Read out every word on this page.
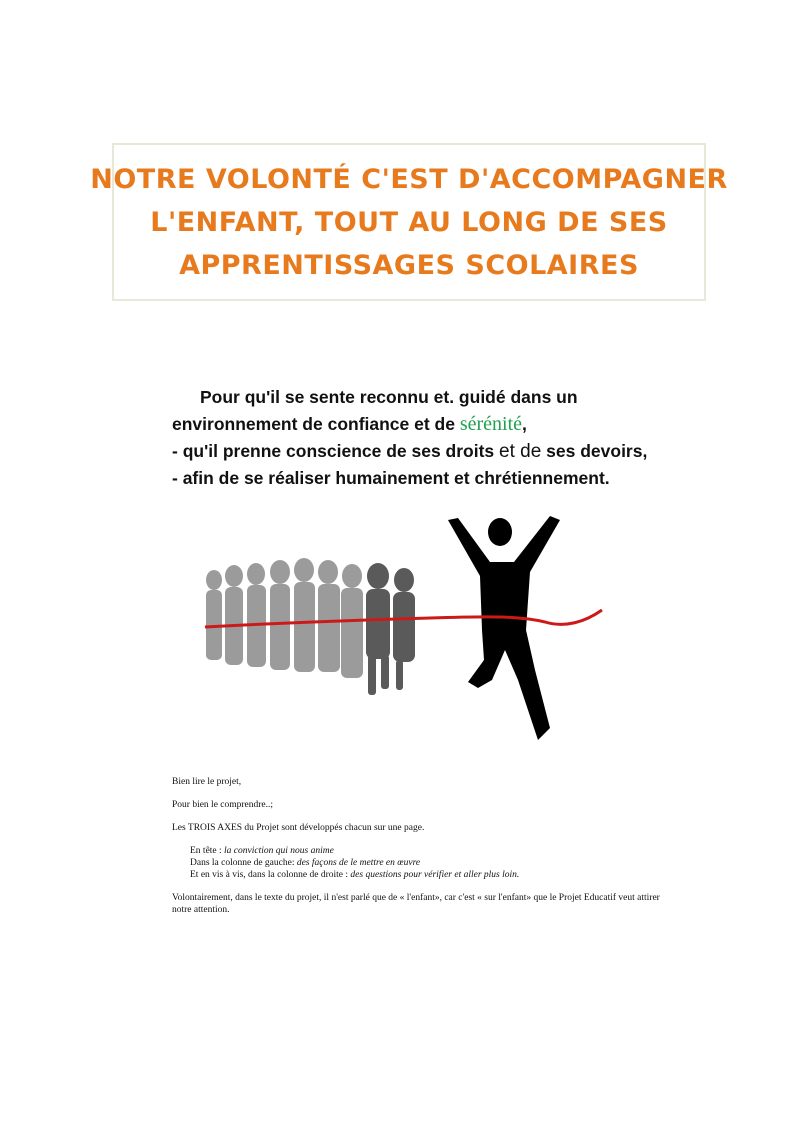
NOTRE VOLONTÉ C'EST D'ACCOMPAGNER
L'ENFANT, TOUT AU LONG DE SES
APPRENTISSAGES SCOLAIRES
Pour qu'il se sente reconnu et. guidé dans un
environnement de confiance et de sérénité,
- qu'il prenne conscience de ses droits et de ses devoirs,
- afin de se réaliser humainement et chrétiennement.

Bien lire le projet,

Pour bien le comprendre..;

Les TROIS AXES du Projet sont développés chacun sur une page.

En tête : la conviction qui nous anime

Dans la colonne de gauche: des façons de le mettre en œuvre

Et en vis à vis, dans la colonne de droite : des questions pour vérifier et aller plus loin.

Volontairement, dans le texte du projet, il n'est parlé que de « l'enfant», car c'est « sur l'enfant» que le Projet Educatif veut attirer notre attention.
